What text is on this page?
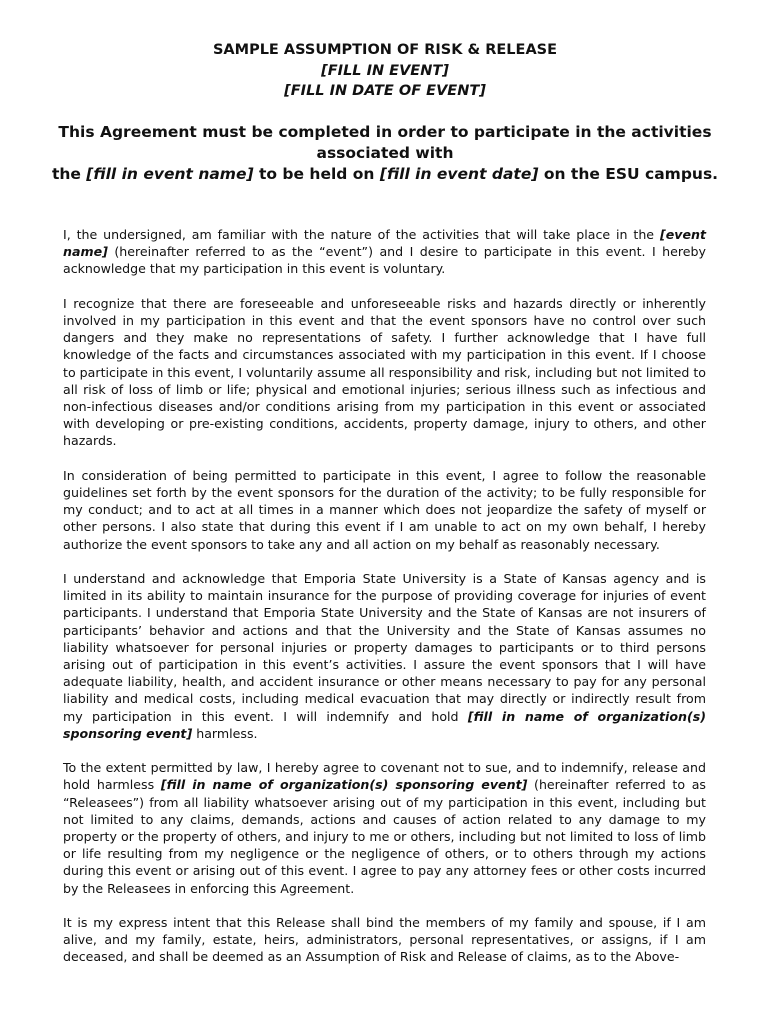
SAMPLE ASSUMPTION OF RISK & RELEASE
[FILL IN EVENT]
[FILL IN DATE OF EVENT]
This Agreement must be completed in order to participate in the activities associated with
the [fill in event name] to be held on [fill in event date] on the ESU campus.

I, the undersigned, am familiar with the nature of the activities that will take place in the [event name] (hereinafter referred to as the “event”) and I desire to participate in this event. I hereby acknowledge that my participation in this event is voluntary.

I recognize that there are foreseeable and unforeseeable risks and hazards directly or inherently involved in my participation in this event and that the event sponsors have no control over such dangers and they make no representations of safety. I further acknowledge that I have full knowledge of the facts and circumstances associated with my participation in this event. If I choose to participate in this event, I voluntarily assume all responsibility and risk, including but not limited to all risk of loss of limb or life; physical and emotional injuries; serious illness such as infectious and non-infectious diseases and/or conditions arising from my participation in this event or associated with developing or pre-existing conditions, accidents, property damage, injury to others, and other hazards.

In consideration of being permitted to participate in this event, I agree to follow the reasonable guidelines set forth by the event sponsors for the duration of the activity; to be fully responsible for my conduct; and to act at all times in a manner which does not jeopardize the safety of myself or other persons. I also state that during this event if I am unable to act on my own behalf, I hereby authorize the event sponsors to take any and all action on my behalf as reasonably necessary.

I understand and acknowledge that Emporia State University is a State of Kansas agency and is limited in its ability to maintain insurance for the purpose of providing coverage for injuries of event participants. I understand that Emporia State University and the State of Kansas are not insurers of participants’ behavior and actions and that the University and the State of Kansas assumes no liability whatsoever for personal injuries or property damages to participants or to third persons arising out of participation in this event’s activities. I assure the event sponsors that I will have adequate liability, health, and accident insurance or other means necessary to pay for any personal liability and medical costs, including medical evacuation that may directly or indirectly result from my participation in this event. I will indemnify and hold [fill in name of organization(s) sponsoring event] harmless.

To the extent permitted by law, I hereby agree to covenant not to sue, and to indemnify, release and hold harmless [fill in name of organization(s) sponsoring event] (hereinafter referred to as “Releasees”) from all liability whatsoever arising out of my participation in this event, including but not limited to any claims, demands, actions and causes of action related to any damage to my property or the property of others, and injury to me or others, including but not limited to loss of limb or life resulting from my negligence or the negligence of others, or to others through my actions during this event or arising out of this event. I agree to pay any attorney fees or other costs incurred by the Releasees in enforcing this Agreement.

It is my express intent that this Release shall bind the members of my family and spouse, if I am alive, and my family, estate, heirs, administrators, personal representatives, or assigns, if I am deceased, and shall be deemed as an Assumption of Risk and Release of claims, as to the Above-
